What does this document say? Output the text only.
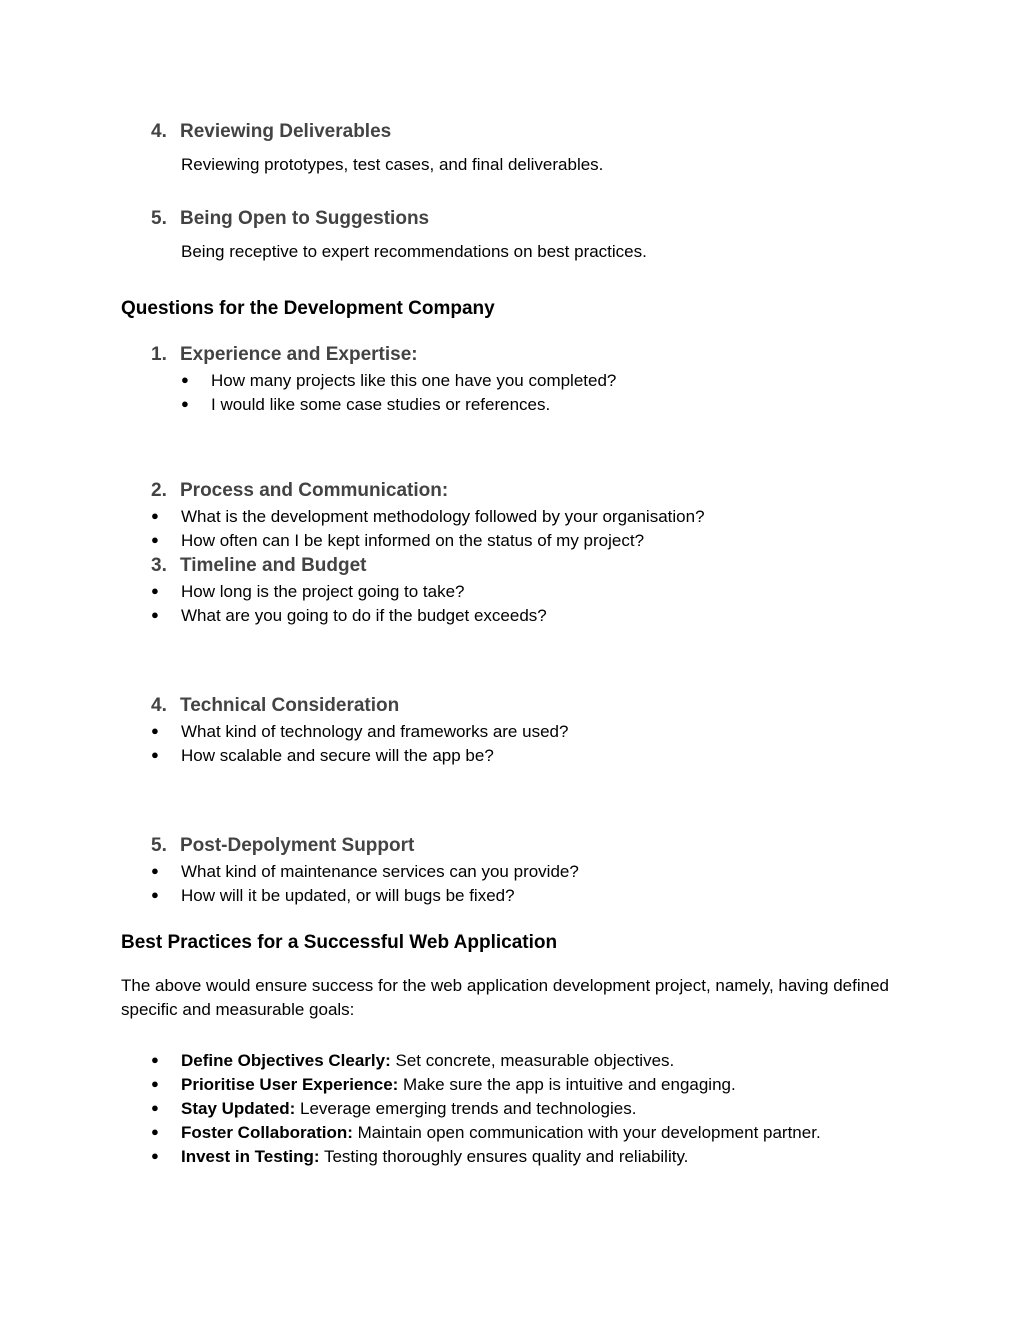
4. Reviewing Deliverables
Reviewing prototypes, test cases, and final deliverables.
5. Being Open to Suggestions
Being receptive to expert recommendations on best practices.
Questions for the Development Company
1. Experience and Expertise:
● How many projects like this one have you completed?
● I would like some case studies or references.
2. Process and Communication:
● What is the development methodology followed by your organisation?
● How often can I be kept informed on the status of my project?
3. Timeline and Budget
● How long is the project going to take?
● What are you going to do if the budget exceeds?
4. Technical Consideration
● What kind of technology and frameworks are used?
● How scalable and secure will the app be?
5. Post-Depolyment Support
● What kind of maintenance services can you provide?
● How will it be updated, or will bugs be fixed?
Best Practices for a Successful Web Application
The above would ensure success for the web application development project, namely, having defined specific and measurable goals:
● Define Objectives Clearly: Set concrete, measurable objectives.
● Prioritise User Experience: Make sure the app is intuitive and engaging.
● Stay Updated: Leverage emerging trends and technologies.
● Foster Collaboration: Maintain open communication with your development partner.
● Invest in Testing: Testing thoroughly ensures quality and reliability.
